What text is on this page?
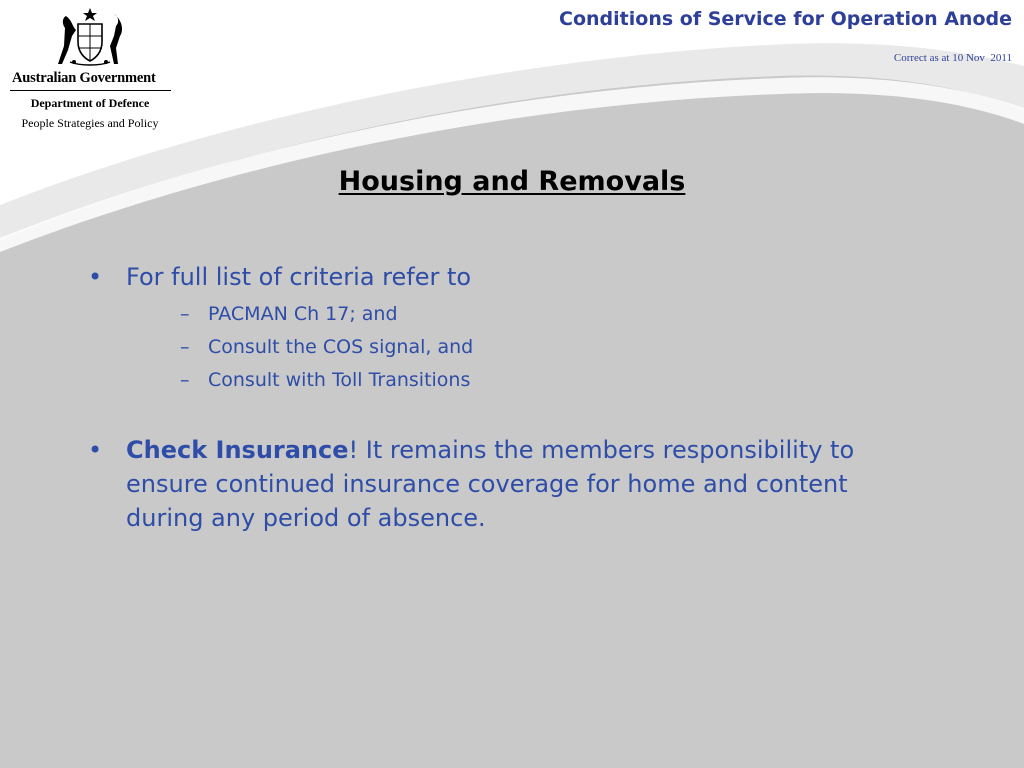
Conditions of Service for Operation Anode
Correct as at 10 Nov  2011
Australian Government
Department of Defence
People Strategies and Policy
Housing and Removals
• For full list of criteria refer to
– PACMAN Ch 17; and
– Consult the COS signal, and
– Consult with Toll Transitions
• Check Insurance! It remains the members responsibility to ensure continued insurance coverage for home and content during any period of absence.
